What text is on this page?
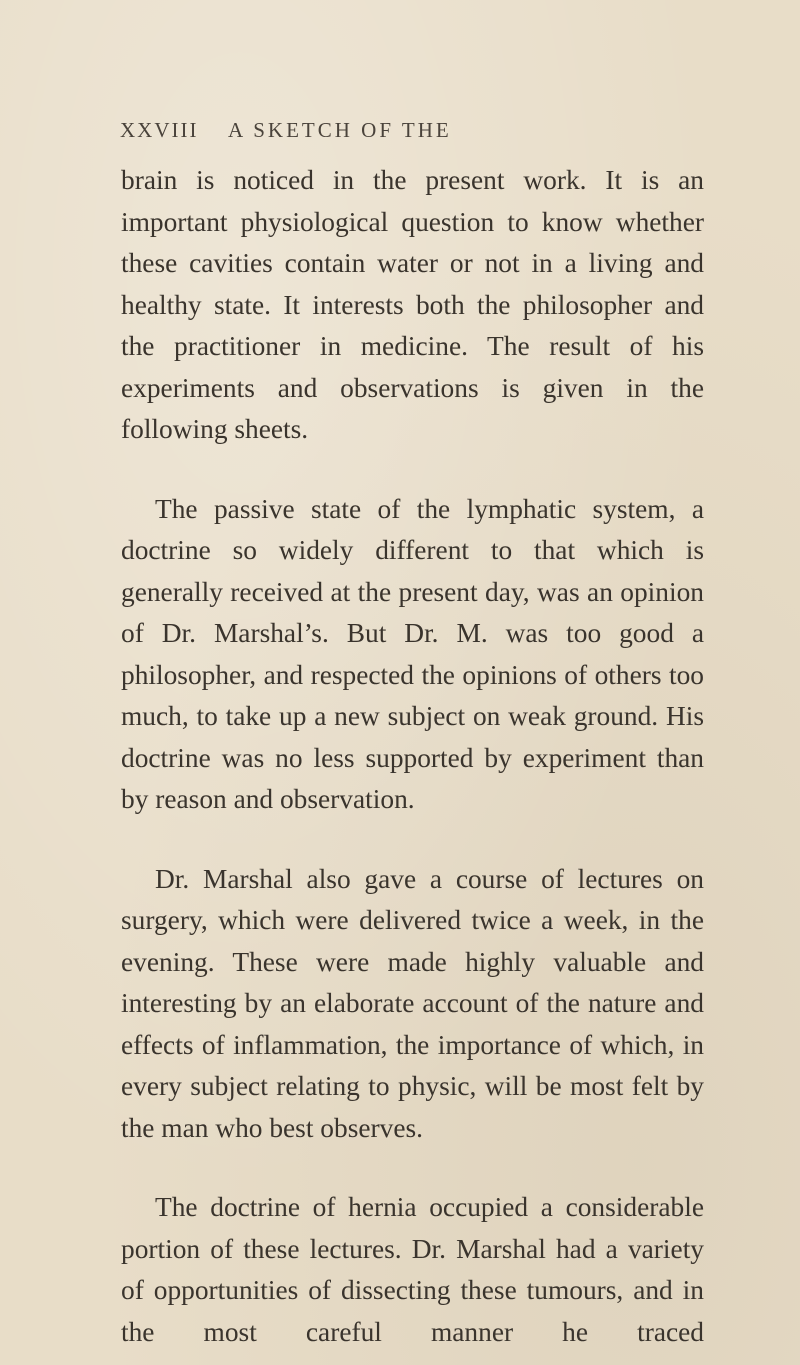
XXVIII A SKETCH OF THE

brain is noticed in the present work. It is an important physiological question to know whether these cavities contain water or not in a living and healthy state. It interests both the philosopher and the practitioner in medicine. The result of his experiments and observations is given in the following sheets.

The passive state of the lymphatic system, a doctrine so widely different to that which is generally received at the present day, was an opinion of Dr. Marshal’s. But Dr. M. was too good a philosopher, and respected the opinions of others too much, to take up a new subject on weak ground. His doctrine was no less supported by experiment than by reason and observation.

Dr. Marshal also gave a course of lectures on surgery, which were delivered twice a week, in the evening. These were made highly valuable and interesting by an elaborate account of the nature and effects of inflammation, the importance of which, in every subject relating to physic, will be most felt by the man who best observes.

The doctrine of hernia occupied a considerable portion of these lectures. Dr. Marshal had a variety of opportunities of dissecting these tumours, and in the most careful manner he traced
